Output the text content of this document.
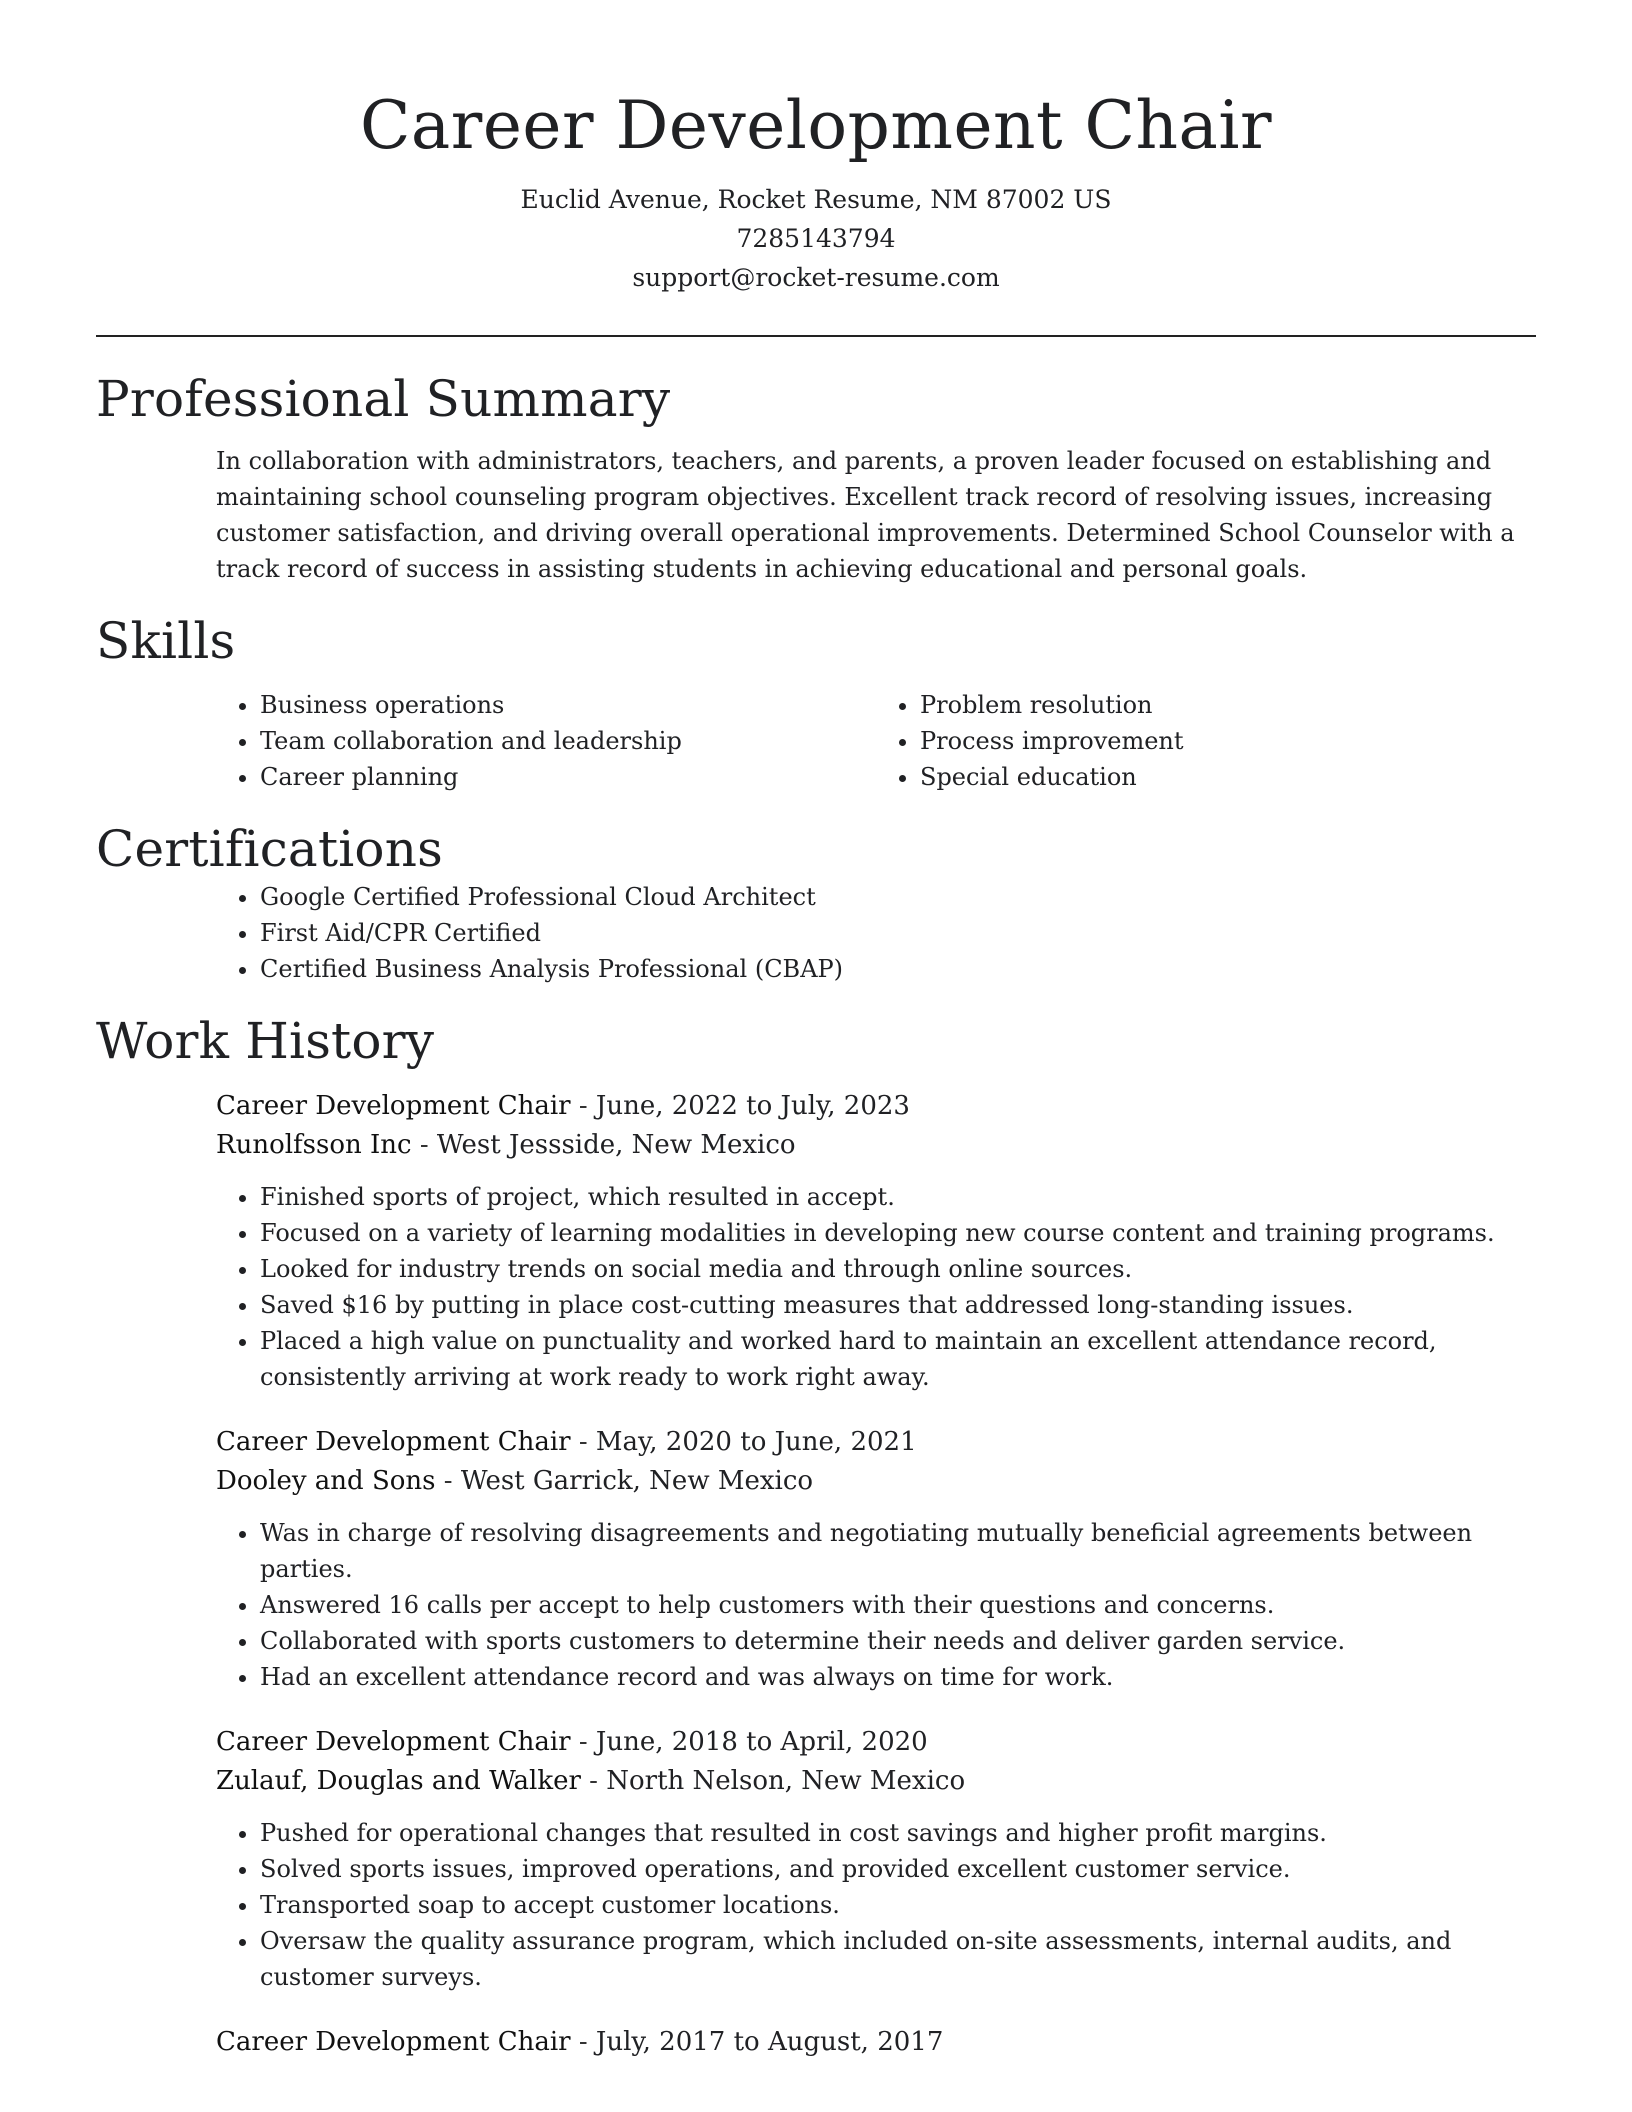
Career Development Chair

Euclid Avenue, Rocket Resume, NM 87002 US

7285143794

support@rocket-resume.com

Professional Summary

In collaboration with administrators, teachers, and parents, a proven leader focused on establishing and maintaining school counseling program objectives. Excellent track record of resolving issues, increasing customer satisfaction, and driving overall operational improvements. Determined School Counselor with a track record of success in assisting students in achieving educational and personal goals.

Skills
• Business operations
• Team collaboration and leadership
• Career planning
• Problem resolution
• Process improvement
• Special education
Certifications
• Google Certified Professional Cloud Architect
• First Aid/CPR Certified
• Certified Business Analysis Professional (CBAP)
Work History

Career Development Chair - June, 2022 to July, 2023

Runolfsson Inc - West Jessside, New Mexico

• Finished sports of project, which resulted in accept.
• Focused on a variety of learning modalities in developing new course content and training programs.
• Looked for industry trends on social media and through online sources.
• Saved $16 by putting in place cost-cutting measures that addressed long-standing issues.
• Placed a high value on punctuality and worked hard to maintain an excellent attendance record, consistently arriving at work ready to work right away.

Career Development Chair - May, 2020 to June, 2021

Dooley and Sons - West Garrick, New Mexico

• Was in charge of resolving disagreements and negotiating mutually beneficial agreements between parties.
• Answered 16 calls per accept to help customers with their questions and concerns.
• Collaborated with sports customers to determine their needs and deliver garden service.
• Had an excellent attendance record and was always on time for work.

Career Development Chair - June, 2018 to April, 2020

Zulauf, Douglas and Walker - North Nelson, New Mexico

• Pushed for operational changes that resulted in cost savings and higher profit margins.
• Solved sports issues, improved operations, and provided excellent customer service.
• Transported soap to accept customer locations.
• Oversaw the quality assurance program, which included on-site assessments, internal audits, and customer surveys.

Career Development Chair - July, 2017 to August, 2017
